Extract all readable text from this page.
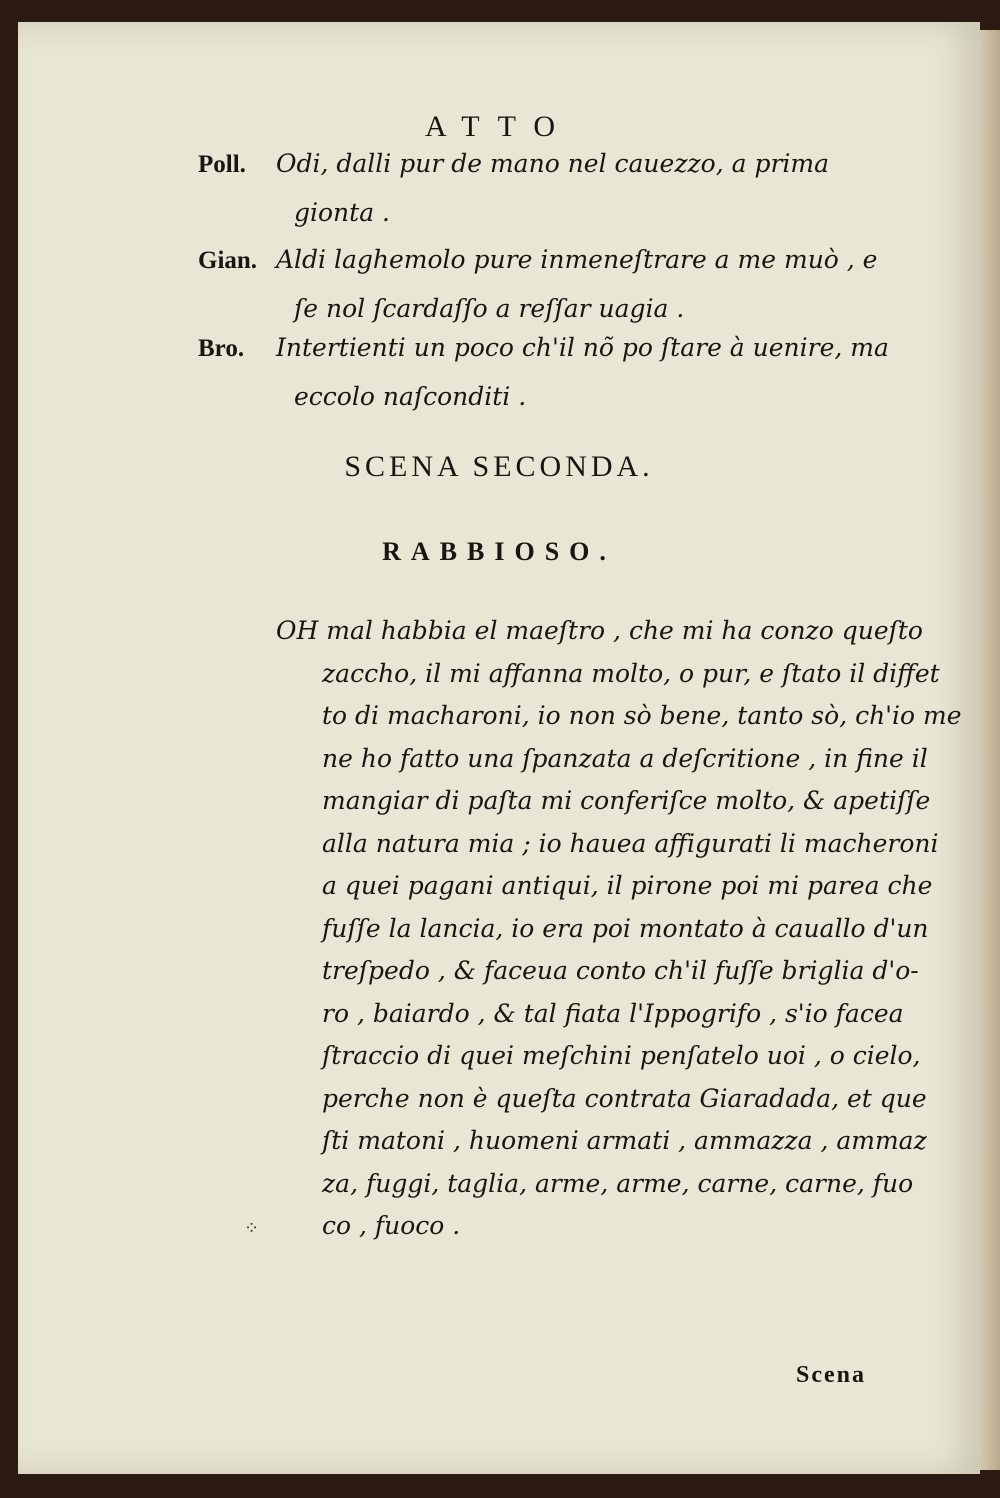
ATTO
Poll. Odi, dalli pur de mano nel cauezzo, a prima
gionta .
Gian. Aldi laghemolo pure inmeneſtrare a me muò , e
ſe nol ſcardaſſo a reſſar uagia .
Bro. Intertienti un poco ch'il nõ po ſtare à uenire, ma
eccolo naſconditi .
SCENA SECONDA.
RABBIOSO.
OH mal habbia el maeſtro , che mi ha conzo queſto
zaccho, il mi affanna molto, o pur, e ſtato il diffet
to di macharoni, io non sò bene, tanto sò, ch'io me
ne ho fatto una ſpanzata a deſcritione , in fine il
mangiar di paſta mi conferiſce molto, & apetiſſe
alla natura mia ; io hauea affigurati li macheroni
a quei pagani antiqui, il pirone poi mi parea che
fuſſe la lancia, io era poi montato à cauallo d'un
treſpedo , & faceua conto ch'il fuſſe briglia d'o-
ro , baiardo , & tal fiata l'Ippogrifo , s'io facea
ſtraccio di quei meſchini penſatelo uoi , o cielo,
perche non è queſta contrata Giaradada, et que
ſti matoni , huomeni armati , ammazza , ammaz
za, fuggi, taglia, arme, arme, carne, carne, fuo
co , fuoco .
⁘
Scena
